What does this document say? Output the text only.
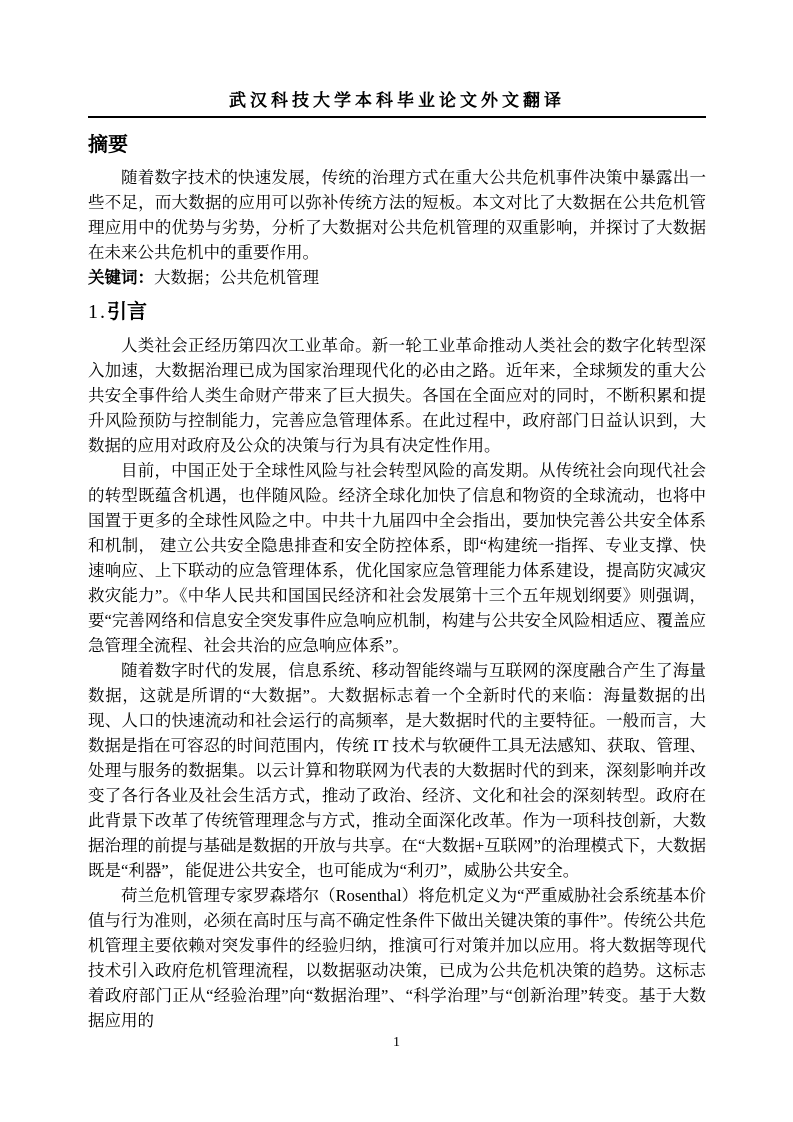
武汉科技大学本科毕业论文外文翻译
摘要

随着数字技术的快速发展，传统的治理方式在重大公共危机事件决策中暴露出一些不足，而大数据的应用可以弥补传统方法的短板。本文对比了大数据在公共危机管理应用中的优势与劣势，分析了大数据对公共危机管理的双重影响，并探讨了大数据在未来公共危机中的重要作用。

关键词：大数据；公共危机管理

1.引言

人类社会正经历第四次工业革命。新一轮工业革命推动人类社会的数字化转型深入加速，大数据治理已成为国家治理现代化的必由之路。近年来，全球频发的重大公共安全事件给人类生命财产带来了巨大损失。各国在全面应对的同时，不断积累和提升风险预防与控制能力，完善应急管理体系。在此过程中，政府部门日益认识到，大数据的应用对政府及公众的决策与行为具有决定性作用。

目前，中国正处于全球性风险与社会转型风险的高发期。从传统社会向现代社会的转型既蕴含机遇，也伴随风险。经济全球化加快了信息和物资的全球流动，也将中国置于更多的全球性风险之中。中共十九届四中全会指出，要加快完善公共安全体系和机制， 建立公共安全隐患排查和安全防控体系，即“构建统一指挥、专业支撑、快速响应、上下联动的应急管理体系，优化国家应急管理能力体系建设，提高防灾减灾救灾能力”。《中华人民共和国国民经济和社会发展第十三个五年规划纲要》则强调，要“完善网络和信息安全突发事件应急响应机制，构建与公共安全风险相适应、覆盖应急管理全流程、社会共治的应急响应体系”。

随着数字时代的发展，信息系统、移动智能终端与互联网的深度融合产生了海量数据，这就是所谓的“大数据”。大数据标志着一个全新时代的来临：海量数据的出现、人口的快速流动和社会运行的高频率，是大数据时代的主要特征。一般而言，大数据是指在可容忍的时间范围内，传统 IT 技术与软硬件工具无法感知、获取、管理、处理与服务的数据集。以云计算和物联网为代表的大数据时代的到来，深刻影响并改变了各行各业及社会生活方式，推动了政治、经济、文化和社会的深刻转型。政府在此背景下改革了传统管理理念与方式，推动全面深化改革。作为一项科技创新，大数据治理的前提与基础是数据的开放与共享。在“大数据+互联网”的治理模式下，大数据既是“利器”，能促进公共安全，也可能成为“利刃”，威胁公共安全。

荷兰危机管理专家罗森塔尔（Rosenthal）将危机定义为“严重威胁社会系统基本价值与行为准则，必须在高时压与高不确定性条件下做出关键决策的事件”。传统公共危机管理主要依赖对突发事件的经验归纳，推演可行对策并加以应用。将大数据等现代技术引入政府危机管理流程，以数据驱动决策，已成为公共危机决策的趋势。这标志着政府部门正从“经验治理”向“数据治理”、“科学治理”与“创新治理”转变。基于大数据应用的

1
